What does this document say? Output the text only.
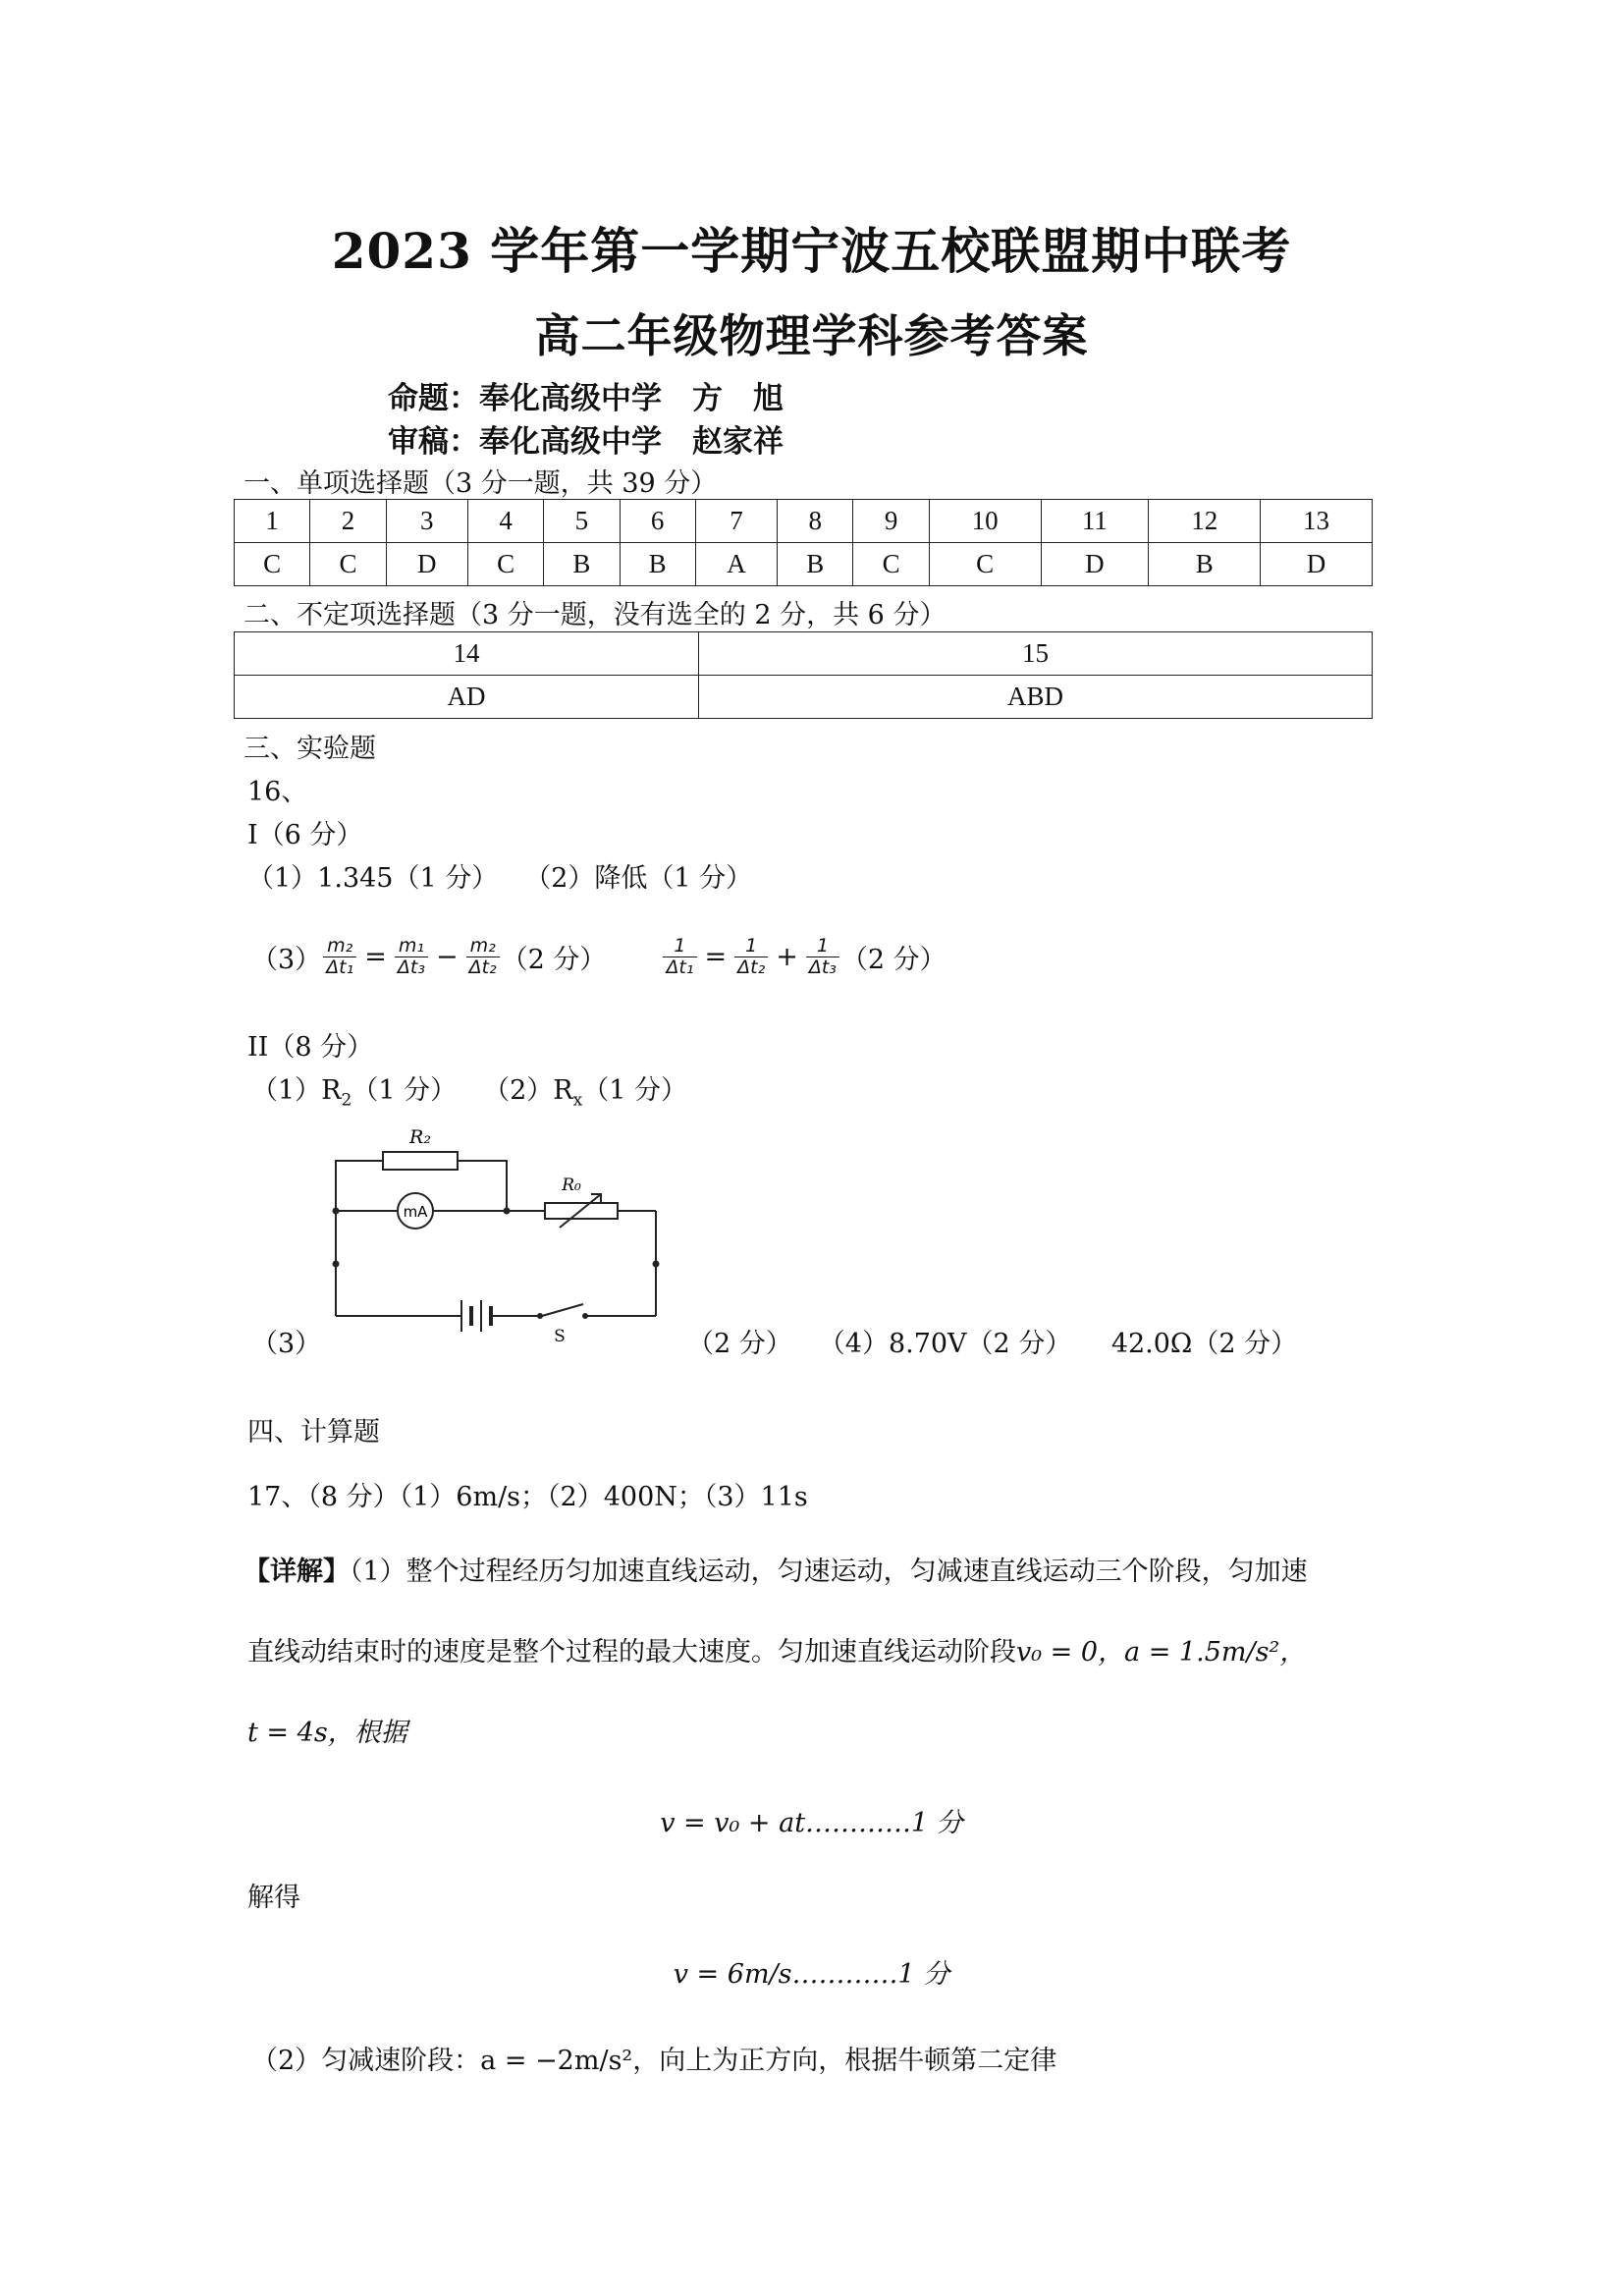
2023 学年第一学期宁波五校联盟期中联考
高二年级物理学科参考答案
命题：奉化高级中学　方　旭
审稿：奉化高级中学　赵家祥
一、单项选择题（3 分一题，共 39 分）
1	2	3	4	5	6	7	8	9	10	11	12	13
C	C	D	C	B	B	A	B	C	C	D	B	D
二、不定项选择题（3 分一题，没有选全的 2 分，共 6 分）
14	15
AD	ABD
三、实验题
16、
I（6 分）
（1）1.345（1 分）　　（2）降低（1 分）
$(3) \frac{\text{m₂}}{\text{Δt₁}} = \frac{\text{m₁}}{\text{Δt₃}} - \frac{\text{m₂}}{\text{Δt₂}} (2$ 分）	$\frac{1}{\text{Δt₁}} = \frac{1}{\text{Δt₂}} + \frac{1}{\text{Δt₃}} (2$ 分）
II（8 分）
$(1)R_2(1$ 分）　　$(2)R_x(1$ 分）
R₂
R₀
mA
S
（3）	（2 分）　　（4）8.70V（2 分）　　42.0Ω（2 分）
四、计算题
17、（8 分）（1）6m/s；（2）400N；（3）11s
【详解】（1）整个过程经历匀加速直线运动，匀速运动，匀减速直线运动三个阶段，匀加速
直线动结束时的速度是整个过程的最大速度。匀加速直线运动阶段v₀ = 0，a = 1.5m/s²，
t = 4s，根据
v = v₀ + at…………1 分
解得
v = 6m/s…………1 分
（2）匀减速阶段：a = −2m/s²，向上为正方向，根据牛顿第二定律
